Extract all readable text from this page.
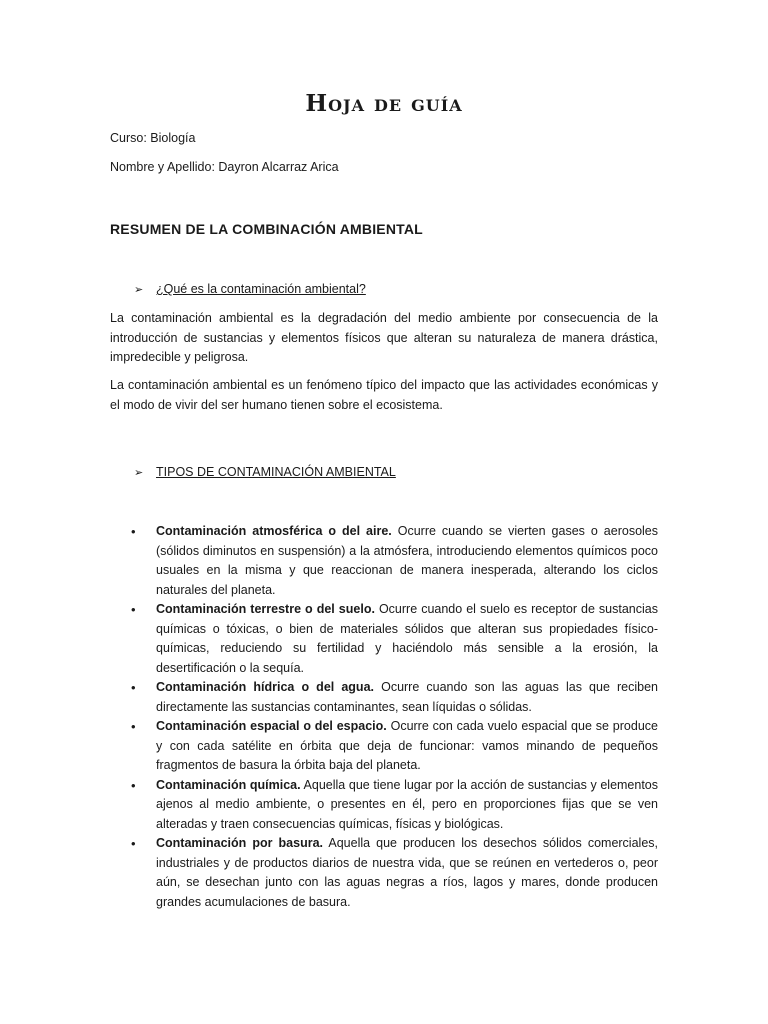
Hoja de guía
Curso: Biología
Nombre y Apellido: Dayron Alcarraz Arica
RESUMEN DE LA COMBINACIÓN AMBIENTAL
➢	¿Qué es la contaminación ambiental?

La contaminación ambiental es la degradación del medio ambiente por consecuencia de la introducción de sustancias y elementos físicos que alteran su naturaleza de manera drástica, impredecible y peligrosa.

La contaminación ambiental es un fenómeno típico del impacto que las actividades económicas y el modo de vivir del ser humano tienen sobre el ecosistema.

➢	TIPOS DE CONTAMINACIÓN AMBIENTAL
• Contaminación atmosférica o del aire. Ocurre cuando se vierten gases o aerosoles (sólidos diminutos en suspensión) a la atmósfera, introduciendo elementos químicos poco usuales en la misma y que reaccionan de manera inesperada, alterando los ciclos naturales del planeta.
• Contaminación terrestre o del suelo. Ocurre cuando el suelo es receptor de sustancias químicas o tóxicas, o bien de materiales sólidos que alteran sus propiedades físico-químicas, reduciendo su fertilidad y haciéndolo más sensible a la erosión, la desertificación o la sequía.
• Contaminación hídrica o del agua. Ocurre cuando son las aguas las que reciben directamente las sustancias contaminantes, sean líquidas o sólidas.
• Contaminación espacial o del espacio. Ocurre con cada vuelo espacial que se produce y con cada satélite en órbita que deja de funcionar: vamos minando de pequeños fragmentos de basura la órbita baja del planeta.
• Contaminación química. Aquella que tiene lugar por la acción de sustancias y elementos ajenos al medio ambiente, o presentes en él, pero en proporciones fijas que se ven alteradas y traen consecuencias químicas, físicas y biológicas.
• Contaminación por basura. Aquella que producen los desechos sólidos comerciales, industriales y de productos diarios de nuestra vida, que se reúnen en vertederos o, peor aún, se desechan junto con las aguas negras a ríos, lagos y mares, donde producen grandes acumulaciones de basura.
